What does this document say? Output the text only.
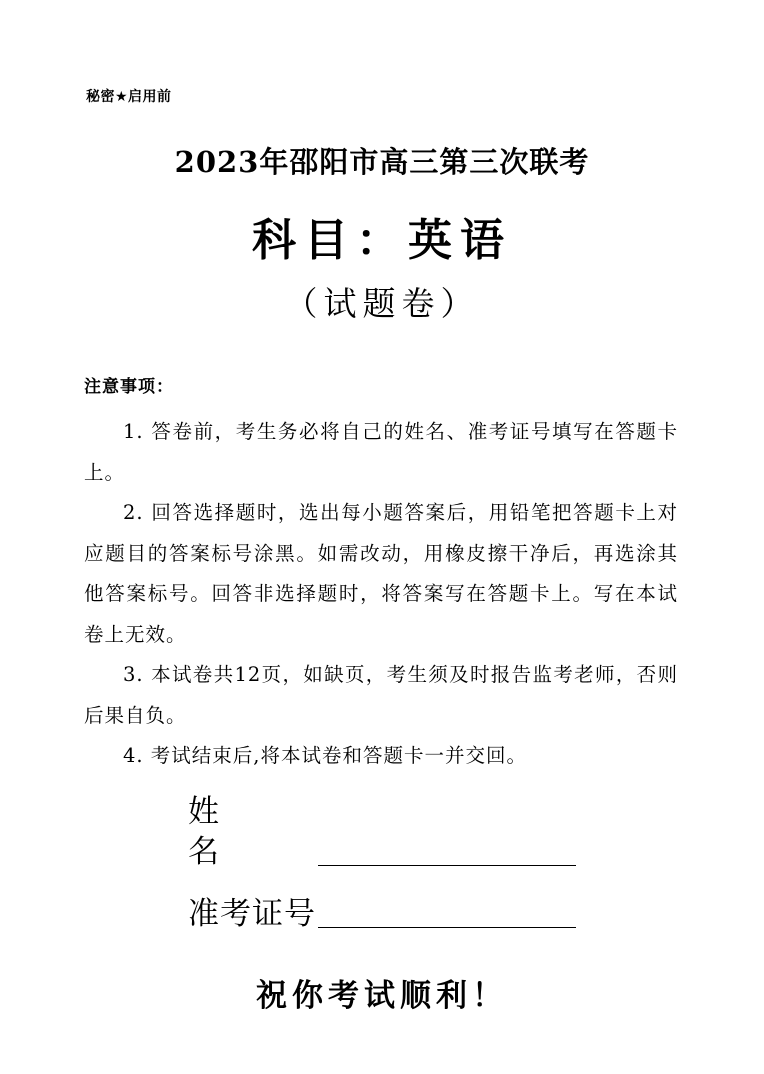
秘密★启用前
2023年邵阳市高三第三次联考
科目：英语
（试题卷）
注意事项：
1. 答卷前，考生务必将自己的姓名、准考证号填写在答题卡上。
2. 回答选择题时，选出每小题答案后，用铅笔把答题卡上对应题目的答案标号涂黑。如需改动，用橡皮擦干净后，再选涂其他答案标号。回答非选择题时，将答案写在答题卡上。写在本试卷上无效。
3. 本试卷共12页，如缺页，考生须及时报告监考老师，否则后果自负。
4. 考试结束后,将本试卷和答题卡一并交回。
姓名
准考证号
祝你考试顺利！
